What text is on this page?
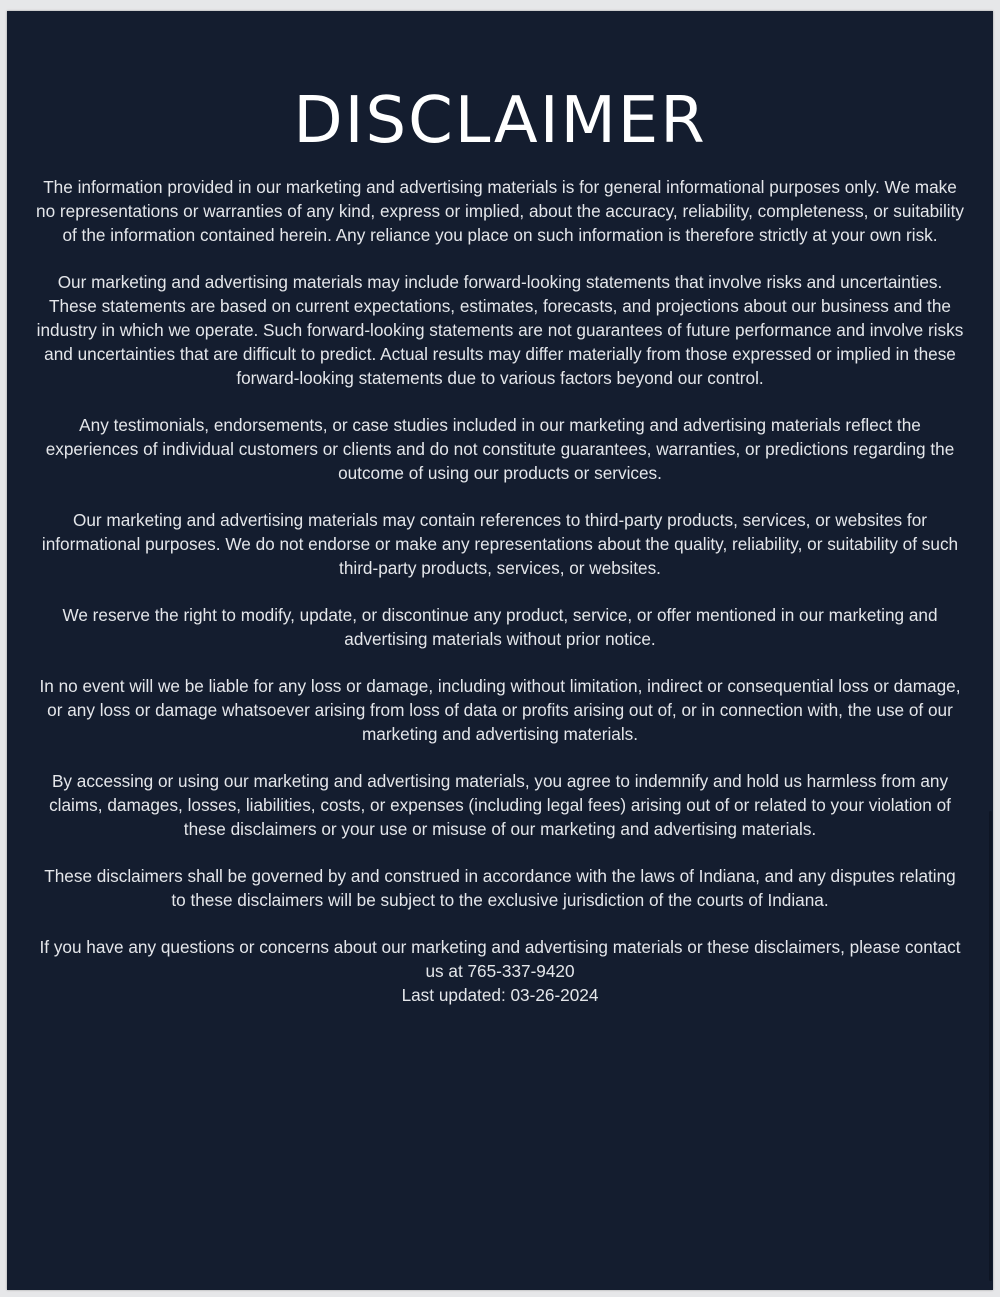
DISCLAIMER

The information provided in our marketing and advertising materials is for general informational purposes only. We make no representations or warranties of any kind, express or implied, about the accuracy, reliability, completeness, or suitability of the information contained herein. Any reliance you place on such information is therefore strictly at your own risk.

Our marketing and advertising materials may include forward-looking statements that involve risks and uncertainties. These statements are based on current expectations, estimates, forecasts, and projections about our business and the industry in which we operate. Such forward-looking statements are not guarantees of future performance and involve risks and uncertainties that are difficult to predict. Actual results may differ materially from those expressed or implied in these forward-looking statements due to various factors beyond our control.

Any testimonials, endorsements, or case studies included in our marketing and advertising materials reflect the experiences of individual customers or clients and do not constitute guarantees, warranties, or predictions regarding the outcome of using our products or services.

Our marketing and advertising materials may contain references to third-party products, services, or websites for informational purposes. We do not endorse or make any representations about the quality, reliability, or suitability of such third-party products, services, or websites.

We reserve the right to modify, update, or discontinue any product, service, or offer mentioned in our marketing and advertising materials without prior notice.

In no event will we be liable for any loss or damage, including without limitation, indirect or consequential loss or damage, or any loss or damage whatsoever arising from loss of data or profits arising out of, or in connection with, the use of our marketing and advertising materials.

By accessing or using our marketing and advertising materials, you agree to indemnify and hold us harmless from any claims, damages, losses, liabilities, costs, or expenses (including legal fees) arising out of or related to your violation of these disclaimers or your use or misuse of our marketing and advertising materials.

These disclaimers shall be governed by and construed in accordance with the laws of Indiana, and any disputes relating to these disclaimers will be subject to the exclusive jurisdiction of the courts of Indiana.

If you have any questions or concerns about our marketing and advertising materials or these disclaimers, please contact us at 765-337-9420

Last updated: 03-26-2024
